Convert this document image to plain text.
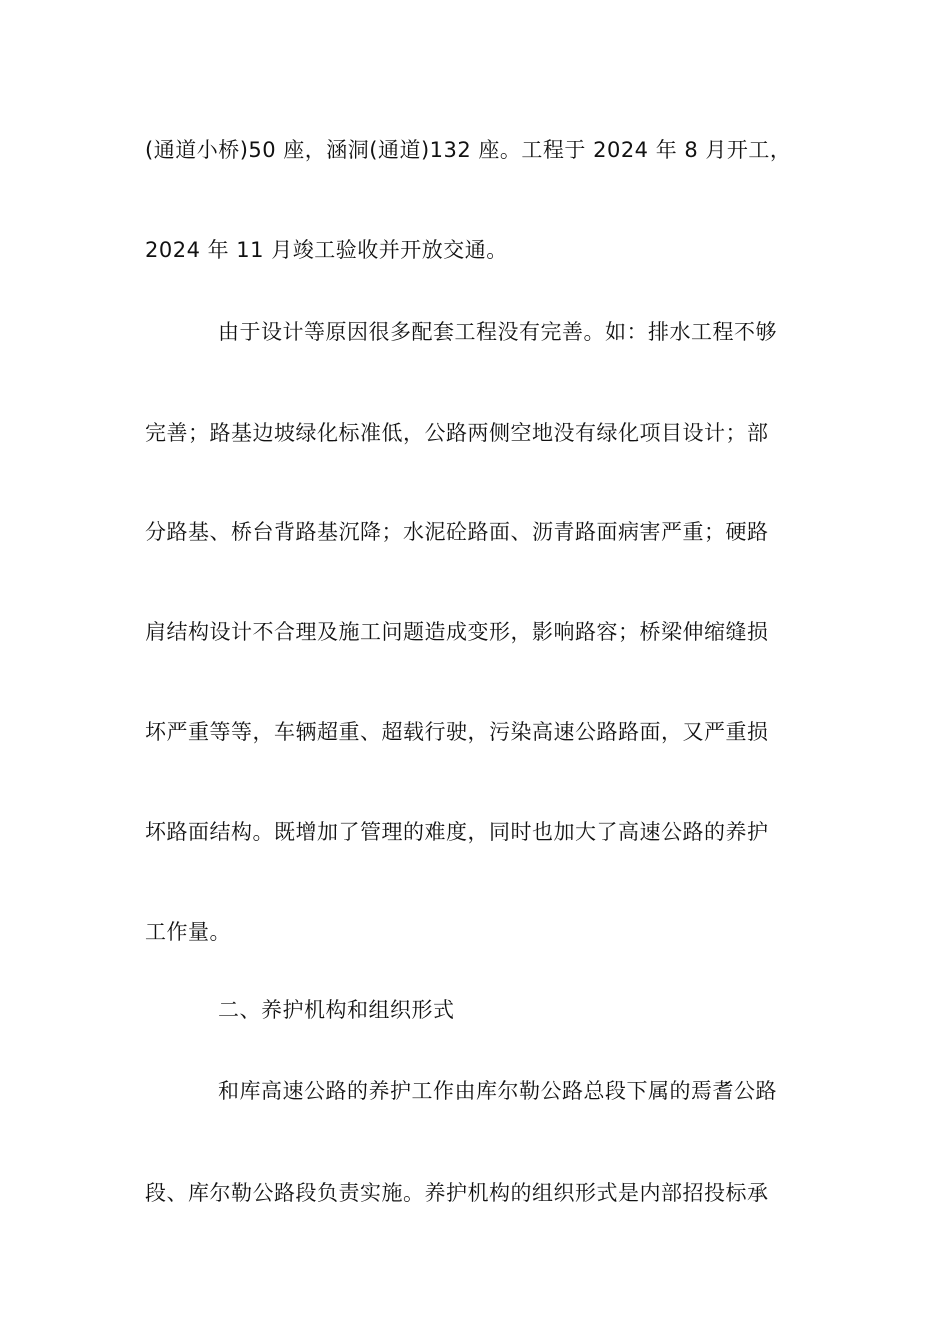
(通道小桥)50 座，涵洞(通道)132 座。工程于 2024 年 8 月开工，
2024 年 11 月竣工验收并开放交通。
由于设计等原因很多配套工程没有完善。如：排水工程不够
完善；路基边坡绿化标准低，公路两侧空地没有绿化项目设计；部
分路基、桥台背路基沉降；水泥砼路面、沥青路面病害严重；硬路
肩结构设计不合理及施工问题造成变形，影响路容；桥梁伸缩缝损
坏严重等等，车辆超重、超载行驶，污染高速公路路面，又严重损
坏路面结构。既增加了管理的难度，同时也加大了高速公路的养护
工作量。
二、养护机构和组织形式
和库高速公路的养护工作由库尔勒公路总段下属的焉耆公路
段、库尔勒公路段负责实施。养护机构的组织形式是内部招投标承
